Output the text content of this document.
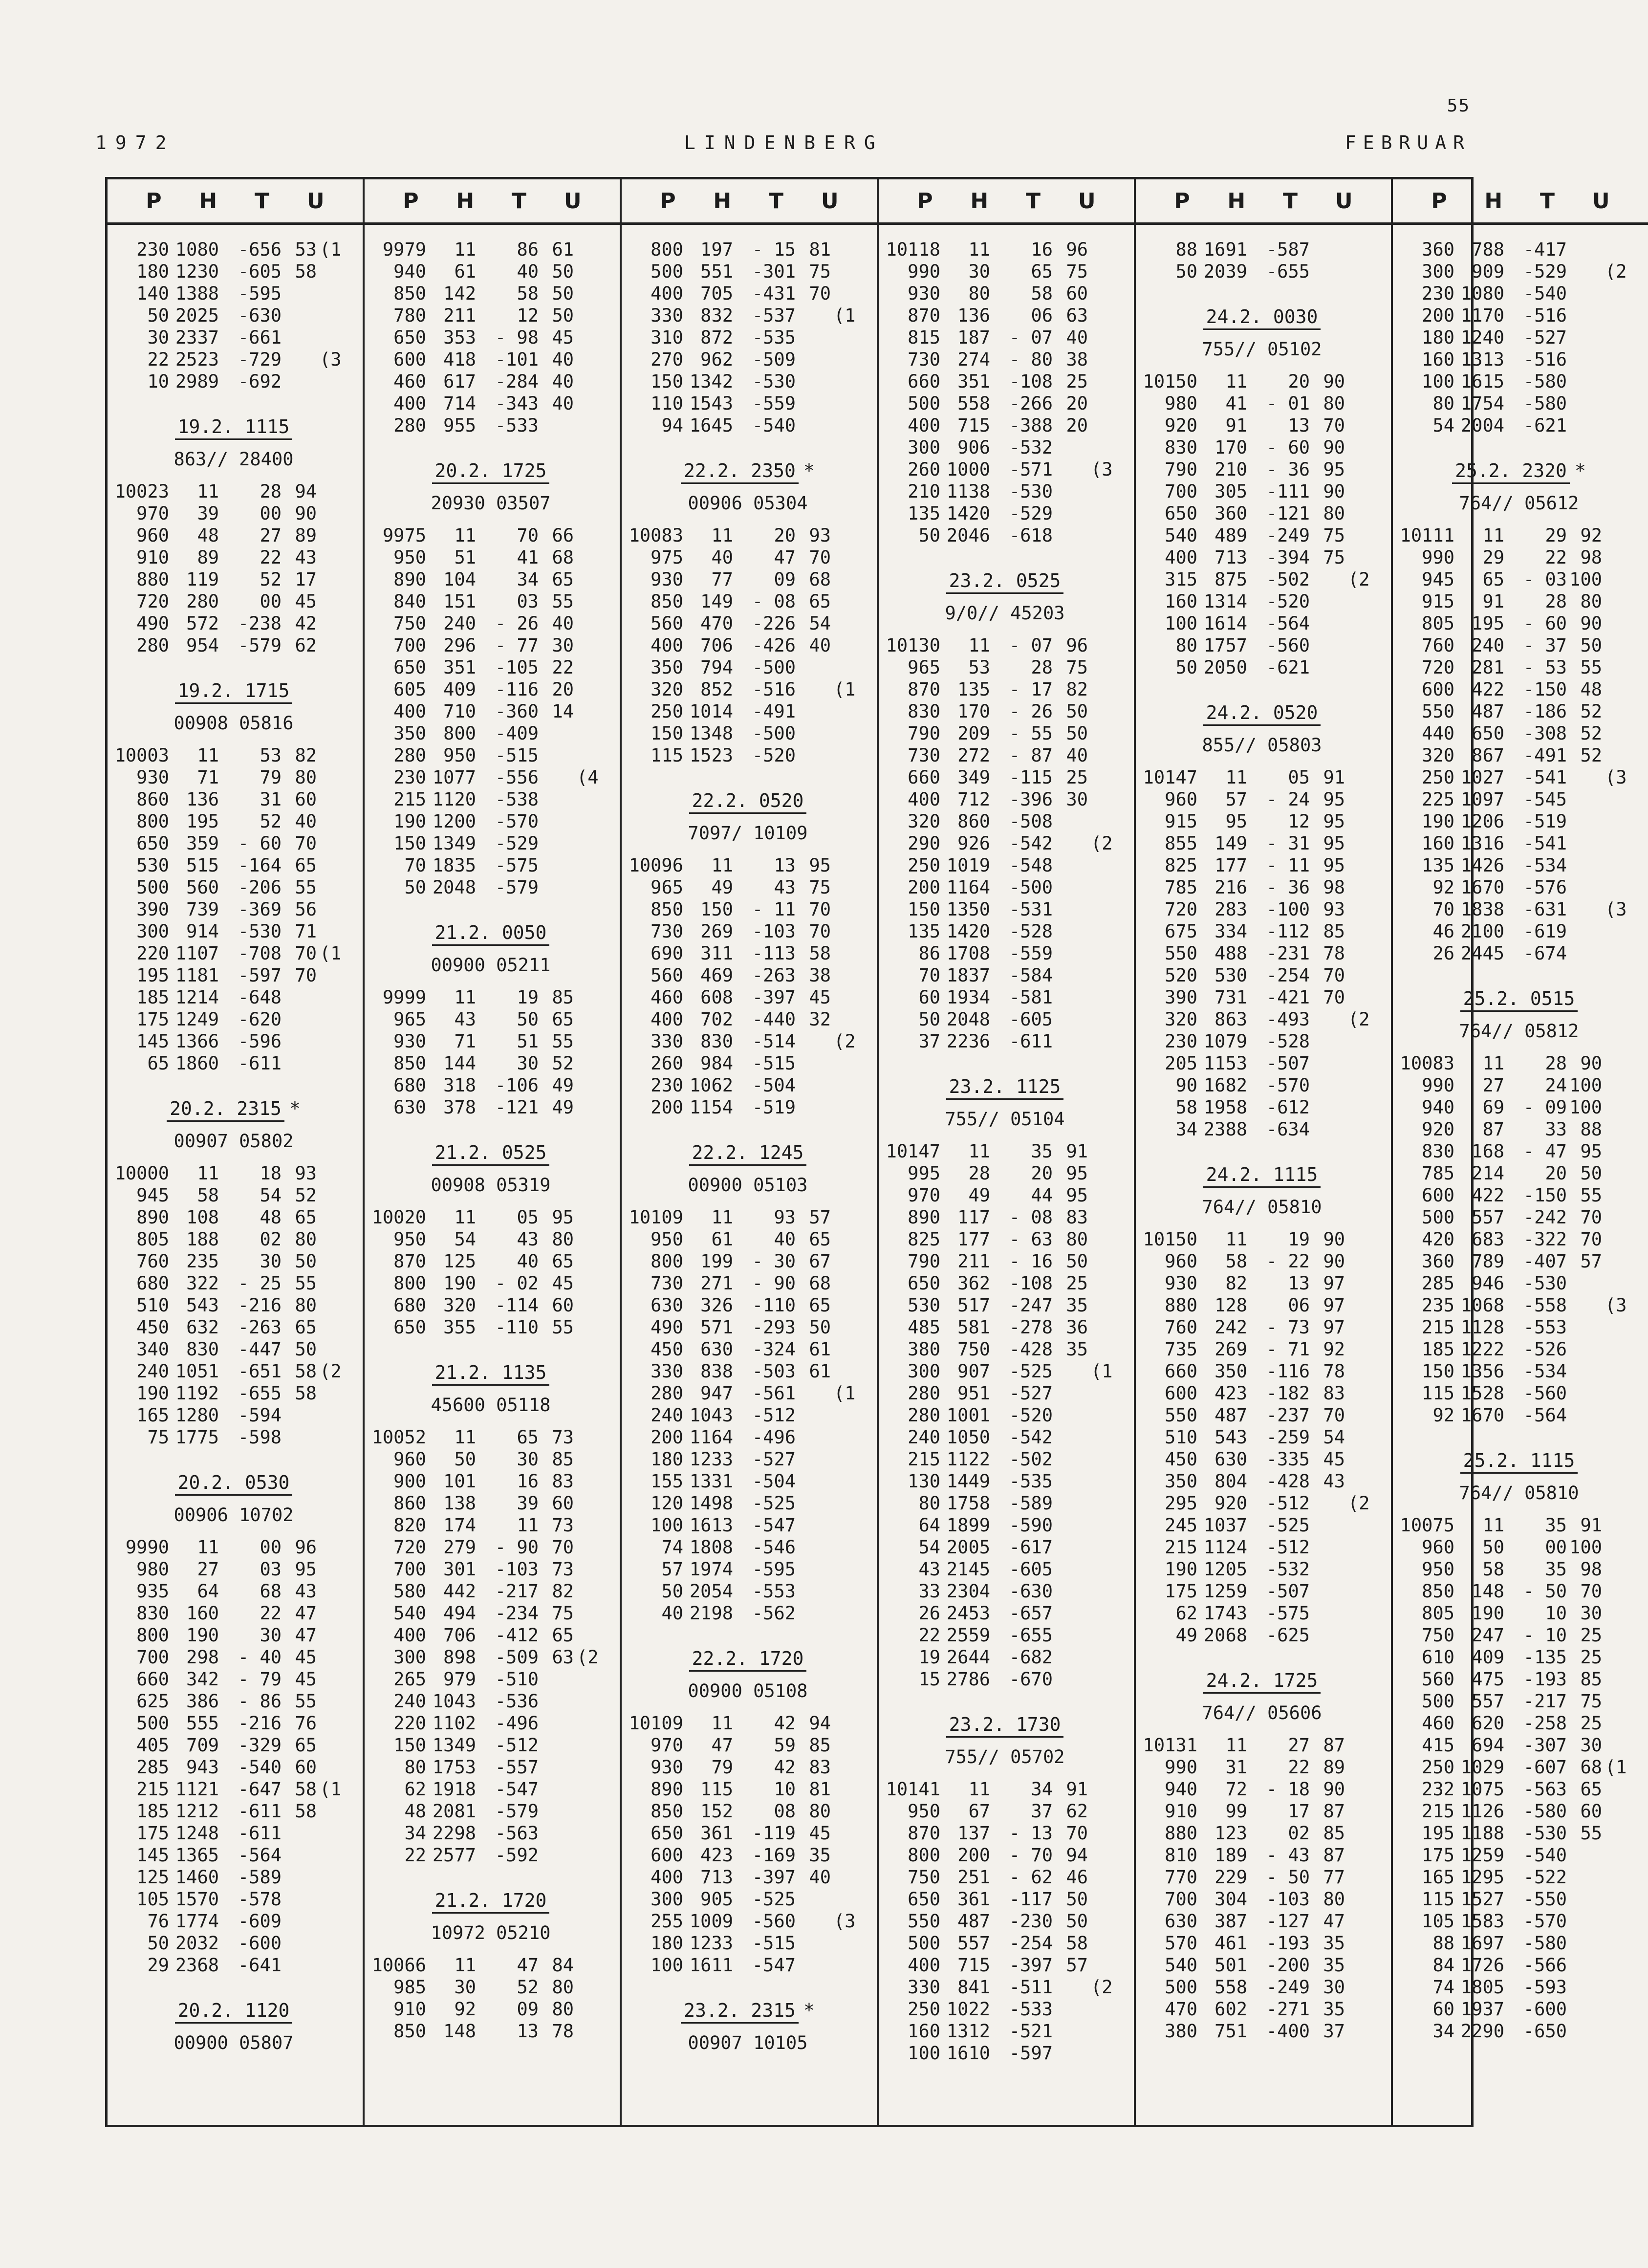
55
1972	LINDENBERG	FEBRUAR
P H T U
230 1080 -656 53 (1
180 1230 -605 58
140 1388 -595
50 2025 -630
30 2337 -661
22 2523 -729 (3
10 2989 -692
19.2. 1115
863// 28400
10023 11 28 94
970 39 00 90
960 48 27 89
910 89 22 43
880 119 52 17
720 280 00 45
490 572 -238 42
280 954 -579 62
19.2. 1715
00908 05816
10003 11 53 82
930 71 79 80
860 136 31 60
800 195 52 40
650 359 - 60 70
530 515 -164 65
500 560 -206 55
390 739 -369 56
300 914 -530 71
220 1107 -708 70 (1
195 1181 -597 70
185 1214 -648
175 1249 -620
145 1366 -596
65 1860 -611
20.2. 2315 *
00907 05802
10000 11 18 93
945 58 54 52
890 108 48 65
805 188 02 80
760 235 30 50
680 322 - 25 55
510 543 -216 80
450 632 -263 65
340 830 -447 50
240 1051 -651 58 (2
190 1192 -655 58
165 1280 -594
75 1775 -598
20.2. 0530
00906 10702
9990 11 00 96
980 27 03 95
935 64 68 43
830 160 22 47
800 190 30 47
700 298 - 40 45
660 342 - 79 45
625 386 - 86 55
500 555 -216 76
405 709 -329 65
285 943 -540 60
215 1121 -647 58 (1
185 1212 -611 58
175 1248 -611
145 1365 -564
125 1460 -589
105 1570 -578
76 1774 -609
50 2032 -600
29 2368 -641
20.2. 1120
00900 05807
P H T U
9979 11 86 61
940 61 40 50
850 142 58 50
780 211 12 50
650 353 - 98 45
600 418 -101 40
460 617 -284 40
400 714 -343 40
280 955 -533
20.2. 1725
20930 03507
9975 11 70 66
950 51 41 68
890 104 34 65
840 151 03 55
750 240 - 26 40
700 296 - 77 30
650 351 -105 22
605 409 -116 20
400 710 -360 14
350 800 -409
280 950 -515
230 1077 -556 (4
215 1120 -538
190 1200 -570
150 1349 -529
70 1835 -575
50 2048 -579
21.2. 0050
00900 05211
9999 11 19 85
965 43 50 65
930 71 51 55
850 144 30 52
680 318 -106 49
630 378 -121 49
21.2. 0525
00908 05319
10020 11 05 95
950 54 43 80
870 125 40 65
800 190 - 02 45
680 320 -114 60
650 355 -110 55
21.2. 1135
45600 05118
10052 11 65 73
960 50 30 85
900 101 16 83
860 138 39 60
820 174 11 73
720 279 - 90 70
700 301 -103 73
580 442 -217 82
540 494 -234 75
400 706 -412 65
300 898 -509 63 (2
265 979 -510
240 1043 -536
220 1102 -496
150 1349 -512
80 1753 -557
62 1918 -547
48 2081 -579
34 2298 -563
22 2577 -592
21.2. 1720
10972 05210
10066 11 47 84
985 30 52 80
910 92 09 80
850 148 13 78
P H T U
800 197 - 15 81
500 551 -301 75
400 705 -431 70
330 832 -537 (1
310 872 -535
270 962 -509
150 1342 -530
110 1543 -559
94 1645 -540
22.2. 2350 *
00906 05304
10083 11 20 93
975 40 47 70
930 77 09 68
850 149 - 08 65
560 470 -226 54
400 706 -426 40
350 794 -500
320 852 -516 (1
250 1014 -491
150 1348 -500
115 1523 -520
22.2. 0520
7097/ 10109
10096 11 13 95
965 49 43 75
850 150 - 11 70
730 269 -103 70
690 311 -113 58
560 469 -263 38
460 608 -397 45
400 702 -440 32
330 830 -514 (2
260 984 -515
230 1062 -504
200 1154 -519
22.2. 1245
00900 05103
10109 11 93 57
950 61 40 65
800 199 - 30 67
730 271 - 90 68
630 326 -110 65
490 571 -293 50
450 630 -324 61
330 838 -503 61
280 947 -561 (1
240 1043 -512
200 1164 -496
180 1233 -527
155 1331 -504
120 1498 -525
100 1613 -547
74 1808 -546
57 1974 -595
50 2054 -553
40 2198 -562
22.2. 1720
00900 05108
10109 11 42 94
970 47 59 85
930 79 42 83
890 115 10 81
850 152 08 80
650 361 -119 45
600 423 -169 35
400 713 -397 40
300 905 -525
255 1009 -560 (3
180 1233 -515
100 1611 -547
23.2. 2315 *
00907 10105
P H T U
10118 11 16 96
990 30 65 75
930 80 58 60
870 136 06 63
815 187 - 07 40
730 274 - 80 38
660 351 -108 25
500 558 -266 20
400 715 -388 20
300 906 -532
260 1000 -571 (3
210 1138 -530
135 1420 -529
50 2046 -618
23.2. 0525
9/0// 45203
10130 11 - 07 96
965 53 28 75
870 135 - 17 82
830 170 - 26 50
790 209 - 55 50
730 272 - 87 40
660 349 -115 25
400 712 -396 30
320 860 -508
290 926 -542 (2
250 1019 -548
200 1164 -500
150 1350 -531
135 1420 -528
86 1708 -559
70 1837 -584
60 1934 -581
50 2048 -605
37 2236 -611
23.2. 1125
755// 05104
10147 11 35 91
995 28 20 95
970 49 44 95
890 117 - 08 83
825 177 - 63 80
790 211 - 16 50
650 362 -108 25
530 517 -247 35
485 581 -278 36
380 750 -428 35
300 907 -525 (1
280 951 -527
280 1001 -520
240 1050 -542
215 1122 -502
130 1449 -535
80 1758 -589
64 1899 -590
54 2005 -617
43 2145 -605
33 2304 -630
26 2453 -657
22 2559 -655
19 2644 -682
15 2786 -670
23.2. 1730
755// 05702
10141 11 34 91
950 67 37 62
870 137 - 13 70
800 200 - 70 94
750 251 - 62 46
650 361 -117 50
550 487 -230 50
500 557 -254 58
400 715 -397 57
330 841 -511 (2
250 1022 -533
160 1312 -521
100 1610 -597
P H T U
88 1691 -587
50 2039 -655
24.2. 0030
755// 05102
10150 11 20 90
980 41 - 01 80
920 91 13 70
830 170 - 60 90
790 210 - 36 95
700 305 -111 90
650 360 -121 80
540 489 -249 75
400 713 -394 75
315 875 -502 (2
160 1314 -520
100 1614 -564
80 1757 -560
50 2050 -621
24.2. 0520
855// 05803
10147 11 05 91
960 57 - 24 95
915 95 12 95
855 149 - 31 95
825 177 - 11 95
785 216 - 36 98
720 283 -100 93
675 334 -112 85
550 488 -231 78
520 530 -254 70
390 731 -421 70
320 863 -493 (2
230 1079 -528
205 1153 -507
90 1682 -570
58 1958 -612
34 2388 -634
24.2. 1115
764// 05810
10150 11 19 90
960 58 - 22 90
930 82 13 97
880 128 06 97
760 242 - 73 97
735 269 - 71 92
660 350 -116 78
600 423 -182 83
550 487 -237 70
510 543 -259 54
450 630 -335 45
350 804 -428 43
295 920 -512 (2
245 1037 -525
215 1124 -512
190 1205 -532
175 1259 -507
62 1743 -575
49 2068 -625
24.2. 1725
764// 05606
10131 11 27 87
990 31 22 89
940 72 - 18 90
910 99 17 87
880 123 02 85
810 189 - 43 87
770 229 - 50 77
700 304 -103 80
630 387 -127 47
570 461 -193 35
540 501 -200 35
500 558 -249 30
470 602 -271 35
380 751 -400 37
P H T U
360 788 -417
300 909 -529 (2
230 1080 -540
200 1170 -516
180 1240 -527
160 1313 -516
100 1615 -580
80 1754 -580
54 2004 -621
25.2. 2320 *
764// 05612
10111 11 29 92
990 29 22 98
945 65 - 03 100
915 91 28 80
805 195 - 60 90
760 240 - 37 50
720 281 - 53 55
600 422 -150 48
550 487 -186 52
440 650 -308 52
320 867 -491 52
250 1027 -541 (3
225 1097 -545
190 1206 -519
160 1316 -541
135 1426 -534
92 1670 -576
70 1838 -631 (3
46 2100 -619
26 2445 -674
25.2. 0515
764// 05812
10083 11 28 90
990 27 24 100
940 69 - 09 100
920 87 33 88
830 168 - 47 95
785 214 20 50
600 422 -150 55
500 557 -242 70
420 683 -322 70
360 789 -407 57
285 946 -530
235 1068 -558 (3
215 1128 -553
185 1222 -526
150 1356 -534
115 1528 -560
92 1670 -564
25.2. 1115
764// 05810
10075 11 35 91
960 50 00 100
950 58 35 98
850 148 - 50 70
805 190 10 30
750 247 - 10 25
610 409 -135 25
560 475 -193 85
500 557 -217 75
460 620 -258 25
415 694 -307 30
250 1029 -607 68 (1
232 1075 -563 65
215 1126 -580 60
195 1188 -530 55
175 1259 -540
165 1295 -522
115 1527 -550
105 1583 -570
88 1697 -580
84 1726 -566
74 1805 -593
60 1937 -600
34 2290 -650
